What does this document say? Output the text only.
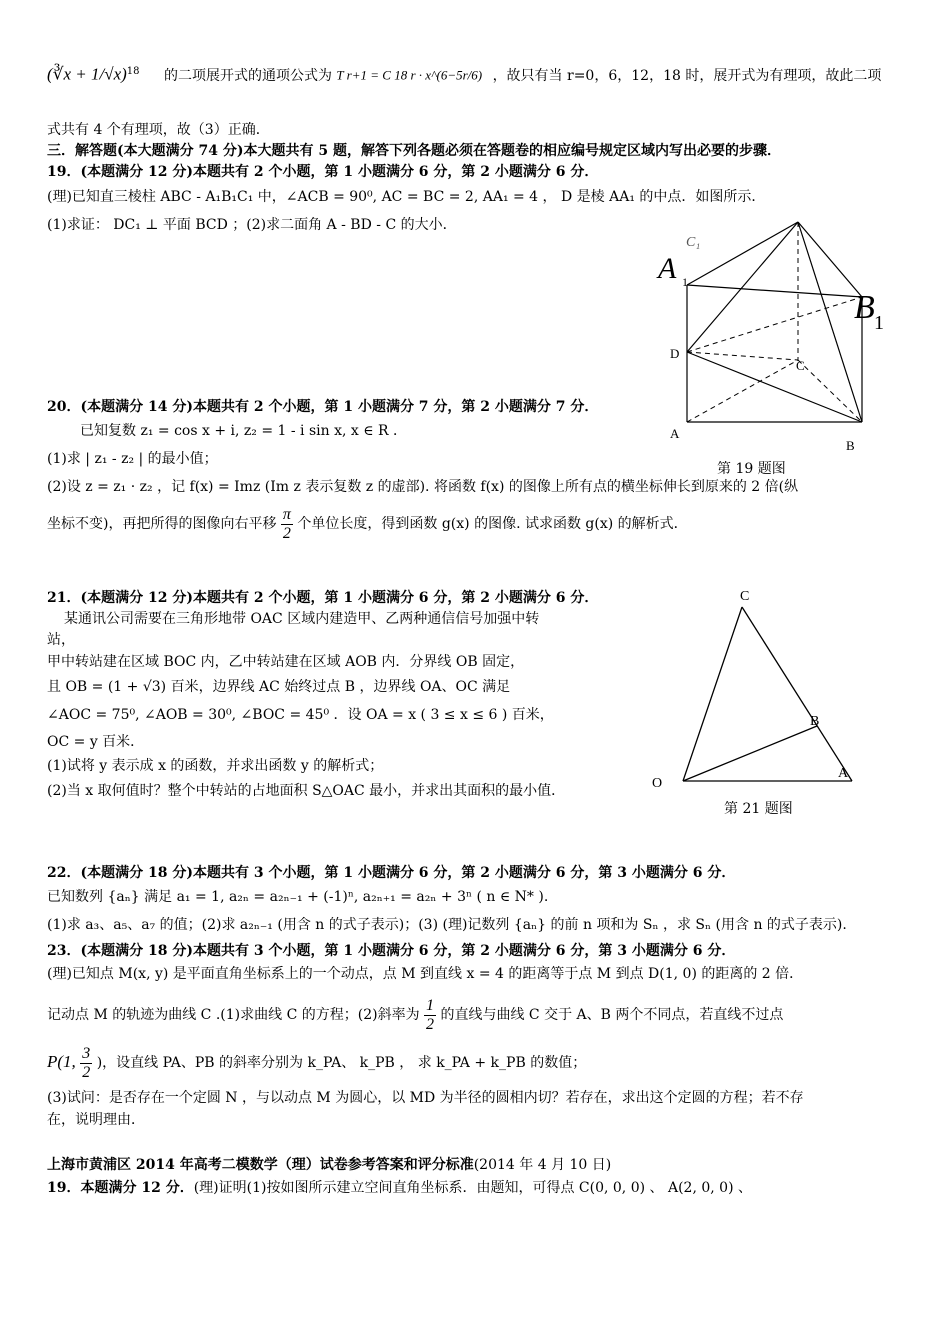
(∛x + 1/√x)$^{18}$ 的二项展开式的通项公式为 T r+1 = C 18 r · x^(6−5r/6) ，故只有当 r=0，6，12，18 时，展开式为有理项，故此二项
式共有 4 个有理项，故（3）正确．
三．解答题(本大题满分 74 分)本大题共有 5 题，解答下列各题必须在答题卷的相应编号规定区域内写出必要的步骤．
19．(本题满分 12 分)本题共有 2 个小题，第 1 小题满分 6 分，第 2 小题满分 6 分．
(理)已知直三棱柱 ABC - A₁B₁C₁ 中，∠ACB = 90⁰, AC = BC = 2, AA₁ = 4 ， D 是棱 AA₁ 的中点．如图所示．
(1)求证： DC₁ ⊥ 平面 BCD ；(2)求二面角 A - BD - C 的大小．
C₁
A 1
B 1
D
C
A
B
第 19 题图
20．(本题满分 14 分)本题共有 2 个小题，第 1 小题满分 7 分，第 2 小题满分 7 分．
已知复数 z₁ = cos x + i, z₂ = 1 - i sin x, x ∈ R ．
(1)求 | z₁ - z₂ | 的最小值；
(2)设 z = z₁ · z₂ ，记 f(x) = Imz (Im z 表示复数 z 的虚部). 将函数 f(x) 的图像上所有点的横坐标伸长到原来的 2 倍(纵
坐标不变)，再把所得的图像向右平移 $\frac{\pi}{2}$ 个单位长度，得到函数 g(x) 的图像. 试求函数 g(x) 的解析式．
21．(本题满分 12 分)本题共有 2 个小题，第 1 小题满分 6 分，第 2 小题满分 6 分．
某通讯公司需要在三角形地带 OAC 区域内建造甲、乙两种通信信号加强中转
站，
甲中转站建在区域 BOC 内，乙中转站建在区域 AOB 内．分界线 OB 固定，
且 OB = (1 + √3) 百米，边界线 AC 始终过点 B ，边界线 OA、OC 满足
∠AOC = 75⁰, ∠AOB = 30⁰, ∠BOC = 45⁰ ．设 OA = x ( 3 ≤ x ≤ 6 ) 百米，
OC = y 百米．
(1)试将 y 表示成 x 的函数，并求出函数 y 的解析式；
(2)当 x 取何值时？整个中转站的占地面积 S△OAC 最小，并求出其面积的最小值．
C
B
O
A
第 21 题图
22．(本题满分 18 分)本题共有 3 个小题，第 1 小题满分 6 分，第 2 小题满分 6 分，第 3 小题满分 6 分．
已知数列 {aₙ} 满足 a₁ = 1, a₂ₙ = a₂ₙ₋₁ + (-1)ⁿ, a₂ₙ₊₁ = a₂ₙ + 3ⁿ ( n ∈ N* ).
(1)求 a₃、a₅、a₇ 的值；(2)求 a₂ₙ₋₁ (用含 n 的式子表示)；(3) (理)记数列 {aₙ} 的前 n 项和为 Sₙ ，求 Sₙ (用含 n 的式子表示).
23．(本题满分 18 分)本题共有 3 个小题，第 1 小题满分 6 分，第 2 小题满分 6 分，第 3 小题满分 6 分．
(理)已知点 M(x, y) 是平面直角坐标系上的一个动点，点 M 到直线 x = 4 的距离等于点 M 到点 D(1, 0) 的距离的 2 倍．
记动点 M 的轨迹为曲线 C .(1)求曲线 C 的方程；(2)斜率为 $\frac{1}{2}$ 的直线与曲线 C 交于 A、B 两个不同点，若直线不过点
P(1, $\frac{3}{2}$ )，设直线 PA、PB 的斜率分别为 k_PA、 k_PB ， 求 k_PA + k_PB 的数值；
(3)试问：是否存在一个定圆 N ，与以动点 M 为圆心，以 MD 为半径的圆相内切？若存在，求出这个定圆的方程；若不存
在，说明理由．
上海市黄浦区 2014 年高考二模数学（理）试卷参考答案和评分标准(2014 年 4 月 10 日)
19．本题满分 12 分．(理)证明(1)按如图所示建立空间直角坐标系．由题知，可得点 C(0, 0, 0) 、 A(2, 0, 0) 、
